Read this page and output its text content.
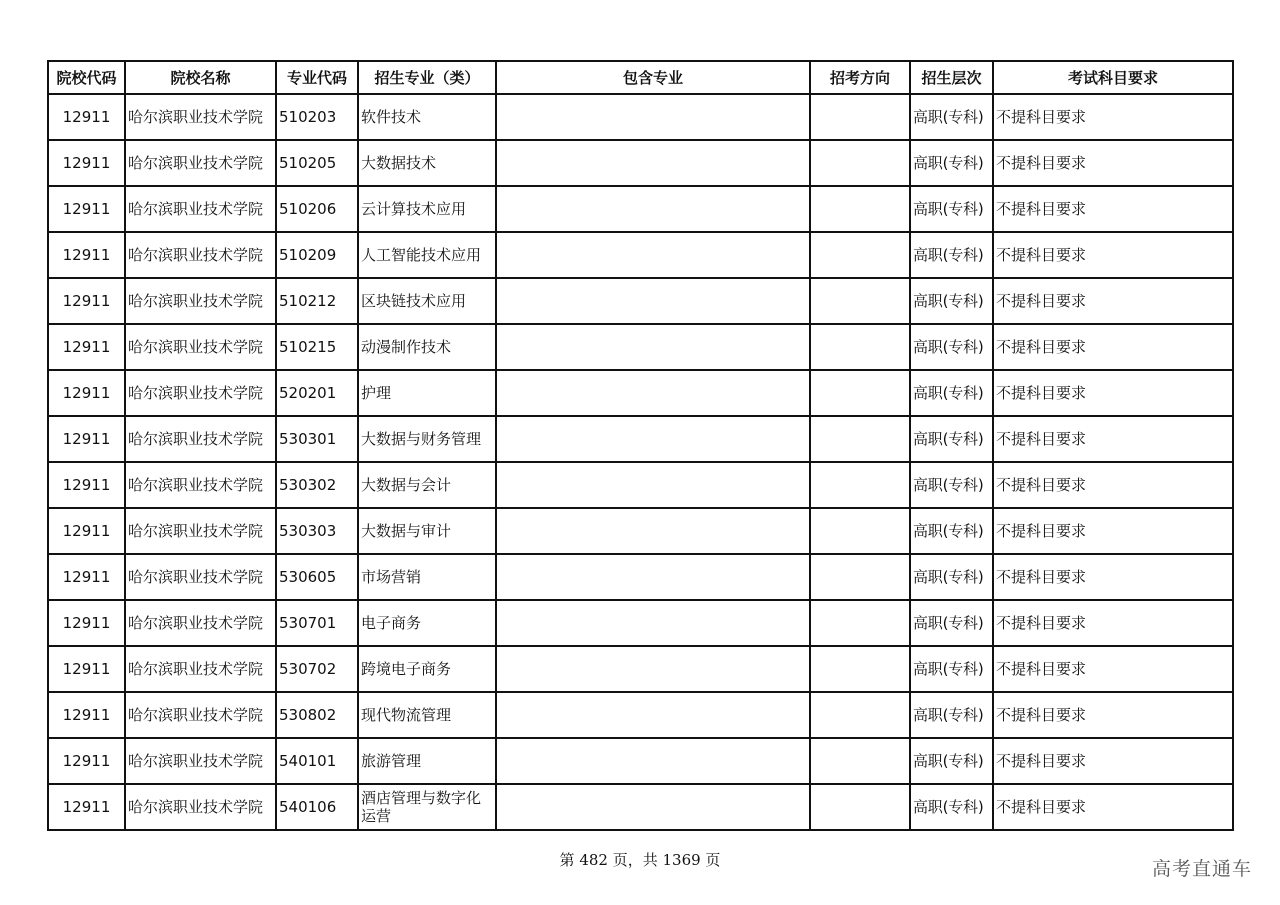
院校代码	院校名称	专业代码	招生专业（类）	包含专业	招考方向	招生层次	考试科目要求
12911	哈尔滨职业技术学院	510203	软件技术			高职(专科)	不提科目要求
12911	哈尔滨职业技术学院	510205	大数据技术			高职(专科)	不提科目要求
12911	哈尔滨职业技术学院	510206	云计算技术应用			高职(专科)	不提科目要求
12911	哈尔滨职业技术学院	510209	人工智能技术应用			高职(专科)	不提科目要求
12911	哈尔滨职业技术学院	510212	区块链技术应用			高职(专科)	不提科目要求
12911	哈尔滨职业技术学院	510215	动漫制作技术			高职(专科)	不提科目要求
12911	哈尔滨职业技术学院	520201	护理			高职(专科)	不提科目要求
12911	哈尔滨职业技术学院	530301	大数据与财务管理			高职(专科)	不提科目要求
12911	哈尔滨职业技术学院	530302	大数据与会计			高职(专科)	不提科目要求
12911	哈尔滨职业技术学院	530303	大数据与审计			高职(专科)	不提科目要求
12911	哈尔滨职业技术学院	530605	市场营销			高职(专科)	不提科目要求
12911	哈尔滨职业技术学院	530701	电子商务			高职(专科)	不提科目要求
12911	哈尔滨职业技术学院	530702	跨境电子商务			高职(专科)	不提科目要求
12911	哈尔滨职业技术学院	530802	现代物流管理			高职(专科)	不提科目要求
12911	哈尔滨职业技术学院	540101	旅游管理			高职(专科)	不提科目要求
12911	哈尔滨职业技术学院	540106	酒店管理与数字化运营			高职(专科)	不提科目要求
第 482 页，共 1369 页	高考直通车
